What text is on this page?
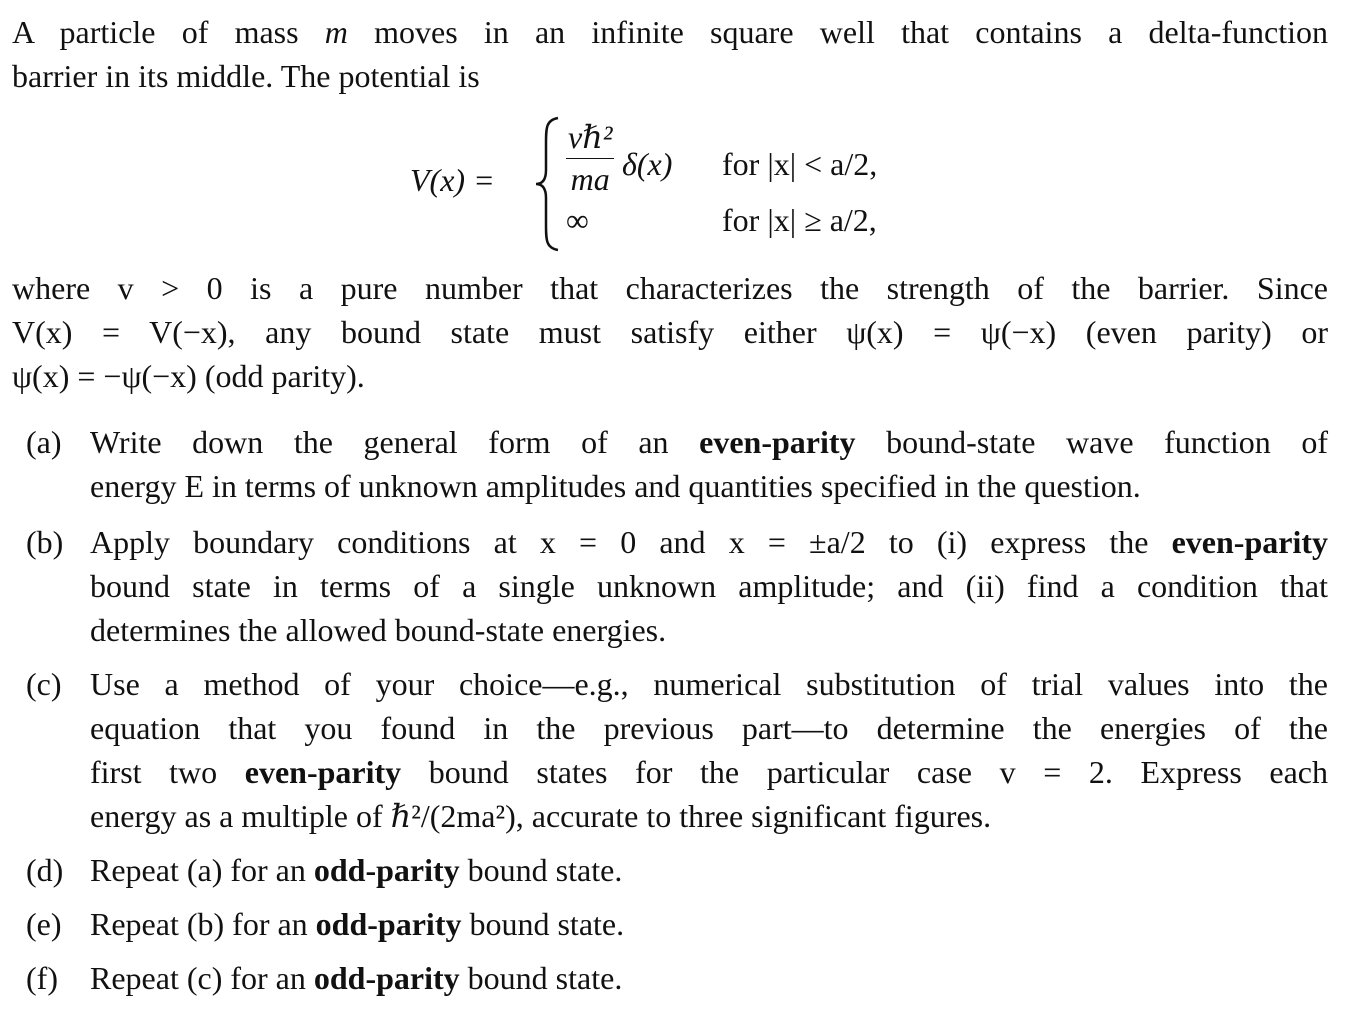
A particle of mass m moves in an infinite square well that contains a delta-function

barrier in its middle. The potential is

$V(x) = \frac{\text{vℏ²}}{ma} \delta(x)$
∞
for |x| < a/2,
for |x| ≥ a/2,

where v > 0 is a pure number that characterizes the strength of the barrier. Since

V(x) = V(−x), any bound state must satisfy either ψ(x) = ψ(−x) (even parity) or

ψ(x) = −ψ(−x) (odd parity).

(a) Write down the general form of an even-parity bound-state wave function of

energy E in terms of unknown amplitudes and quantities specified in the question.

(b) Apply boundary conditions at x = 0 and x = ±a/2 to (i) express the even-parity

bound state in terms of a single unknown amplitude; and (ii) find a condition that

determines the allowed bound-state energies.

(c) Use a method of your choice—e.g., numerical substitution of trial values into the

equation that you found in the previous part—to determine the energies of the

first two even-parity bound states for the particular case v = 2. Express each

energy as a multiple of ℏ²/(2ma²), accurate to three significant figures.

(d) Repeat (a) for an odd-parity bound state.

(e) Repeat (b) for an odd-parity bound state.

(f)	Repeat (c) for an odd-parity bound state.
